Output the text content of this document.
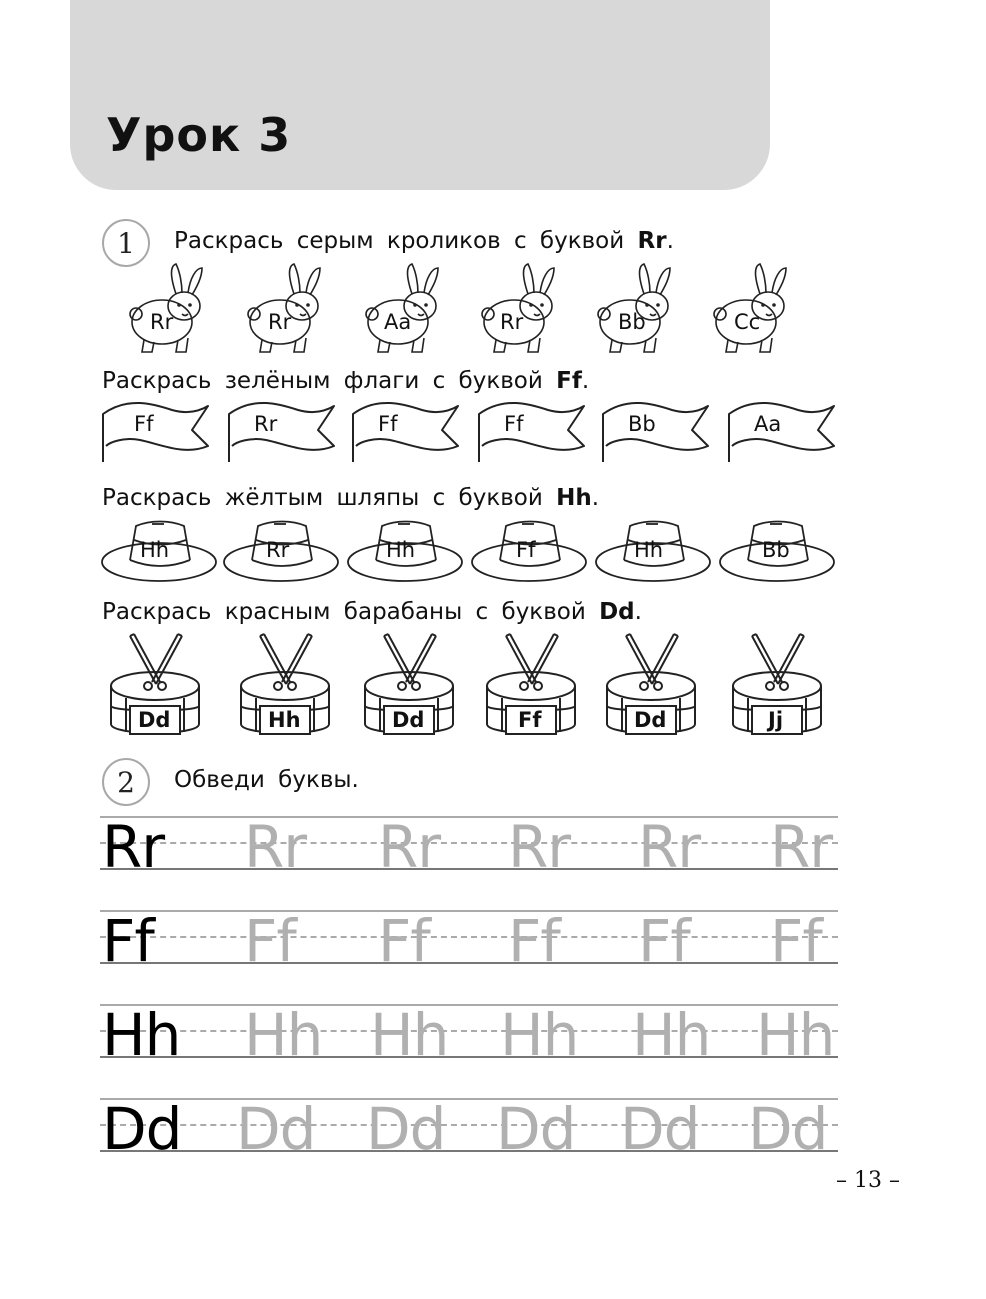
Урок 3
1	Раскрась серым кроликов с буквой Rr.
Rr	Rr	Aa	Rr	Bb	Cc
Раскрась зелёным флаги с буквой Ff.
Ff	Rr	Ff	Ff	Bb	Aa
Раскрась жёлтым шляпы с буквой Hh.
Hh	Rr	Hh	Ff	Hh	Bb
Раскрась красным барабаны с буквой Dd.
Dd	Hh	Dd	Ff	Dd	Jj
2	Обведи буквы.
Rr Rr Rr Rr Rr Rr
Ff Ff Ff Ff Ff Ff
Hh Hh Hh Hh Hh Hh
Dd Dd Dd Dd Dd Dd
– 13 –
